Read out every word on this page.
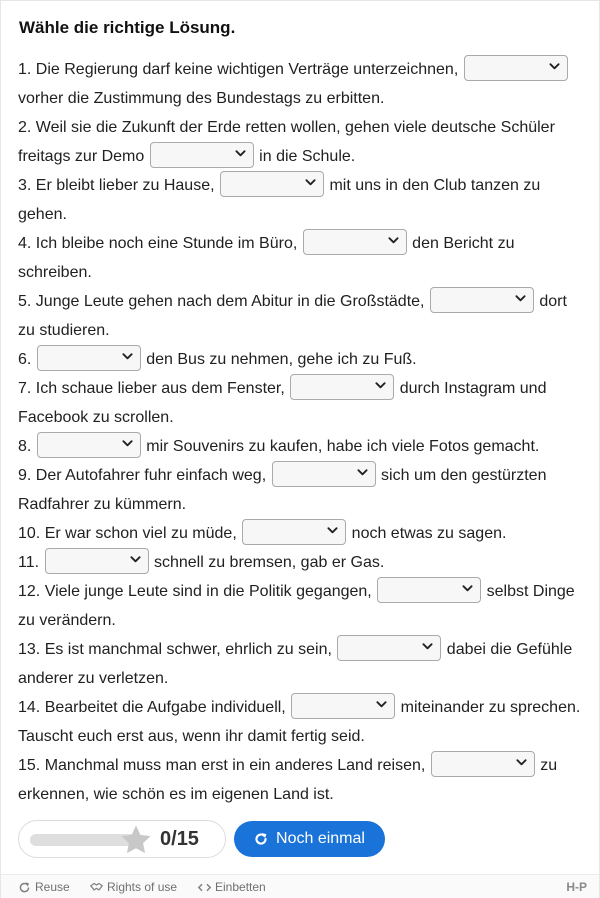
Wähle die richtige Lösung.

1. Die Regierung darf keine wichtigen Verträge unterzeichnen,	vorher die Zustimmung des Bundestags zu erbitten.

2. Weil sie die Zukunft der Erde retten wollen, gehen viele deutsche Schüler freitags zur Demo	in die Schule.

3. Er bleibt lieber zu Hause,	mit uns in den Club tanzen zu gehen.

4. Ich bleibe noch eine Stunde im Büro,	den Bericht zu schreiben.

5. Junge Leute gehen nach dem Abitur in die Großstädte,	dort zu studieren.

6.	den Bus zu nehmen, gehe ich zu Fuß.

7. Ich schaue lieber aus dem Fenster,	durch Instagram und Facebook zu scrollen.

8.	mir Souvenirs zu kaufen, habe ich viele Fotos gemacht.

9. Der Autofahrer fuhr einfach weg,	sich um den gestürzten Radfahrer zu kümmern.

10. Er war schon viel zu müde,	noch etwas zu sagen.

11.	schnell zu bremsen, gab er Gas.

12. Viele junge Leute sind in die Politik gegangen,	selbst Dinge zu verändern.

13. Es ist manchmal schwer, ehrlich zu sein,	dabei die Gefühle anderer zu verletzen.

14. Bearbeitet die Aufgabe individuell,	miteinander zu sprechen. Tauscht euch erst aus, wenn ihr damit fertig seid.

15. Manchmal muss man erst in ein anderes Land reisen,	zu erkennen, wie schön es im eigenen Land ist.

0/15	Noch einmal
Reuse	Rights of use	Einbetten	H-P
